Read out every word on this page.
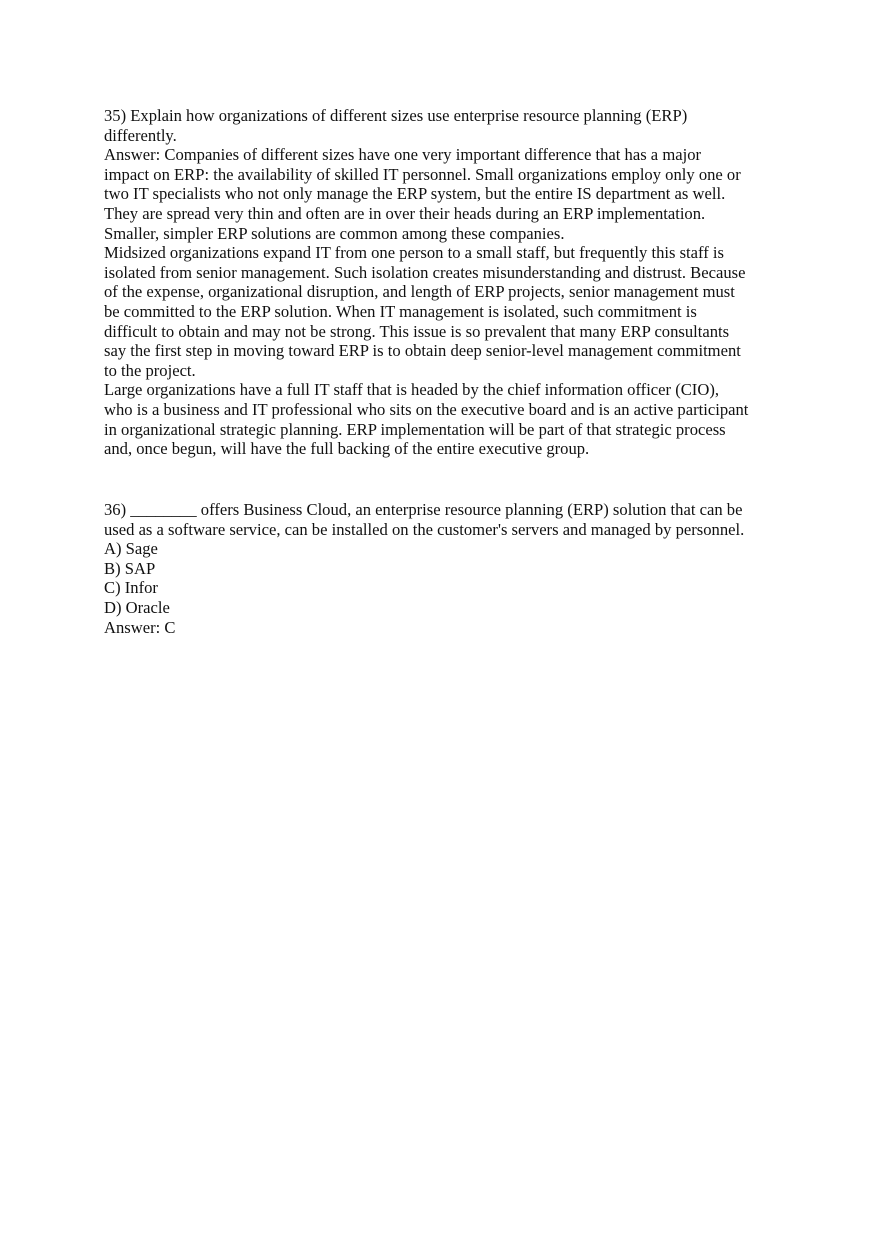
35) Explain how organizations of different sizes use enterprise resource planning (ERP)
differently.
Answer: Companies of different sizes have one very important difference that has a major
impact on ERP: the availability of skilled IT personnel. Small organizations employ only one or
two IT specialists who not only manage the ERP system, but the entire IS department as well.
They are spread very thin and often are in over their heads during an ERP implementation.
Smaller, simpler ERP solutions are common among these companies.
Midsized organizations expand IT from one person to a small staff, but frequently this staff is
isolated from senior management. Such isolation creates misunderstanding and distrust. Because
of the expense, organizational disruption, and length of ERP projects, senior management must
be committed to the ERP solution. When IT management is isolated, such commitment is
difficult to obtain and may not be strong. This issue is so prevalent that many ERP consultants
say the first step in moving toward ERP is to obtain deep senior-level management commitment
to the project.
Large organizations have a full IT staff that is headed by the chief information officer (CIO),
who is a business and IT professional who sits on the executive board and is an active participant
in organizational strategic planning. ERP implementation will be part of that strategic process
and, once begun, will have the full backing of the entire executive group.
36) ________ offers Business Cloud, an enterprise resource planning (ERP) solution that can be
used as a software service, can be installed on the customer's servers and managed by personnel.
A) Sage
B) SAP
C) Infor
D) Oracle
Answer: C
